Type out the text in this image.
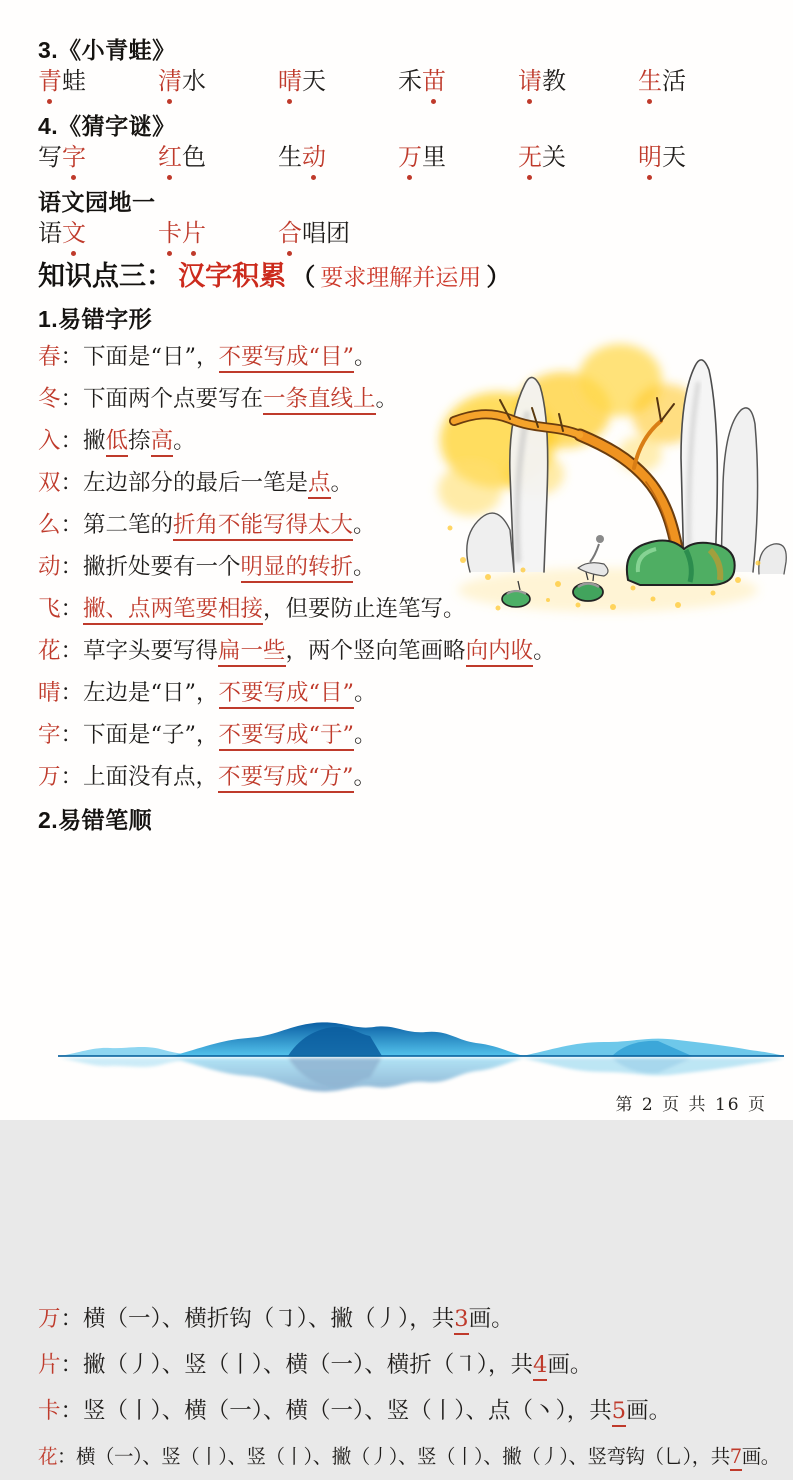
3.《小青蛙》
青蛙	清水	晴天	禾苗	请教	生活
4.《猜字谜》
写字	红色	生动	万里	无关	明天
语文园地一
语文	卡片	合唱团
知识点三： 汉字积累 （ 要求理解并运用 ）
1.易错字形
春：下面是“日”，不要写成“目”。
冬：下面两个点要写在一条直线上。
入：撇低捺高。
双：左边部分的最后一笔是点。
么：第二笔的折角不能写得太大。
动：撇折处要有一个明显的转折。
飞：撇、点两笔要相接，但要防止连笔写。
花：草字头要写得扁一些，两个竖向笔画略向内收。
晴：左边是“日”，不要写成“目”。
字：下面是“子”，不要写成“于”。
万：上面没有点，不要写成“方”。
2.易错笔顺
万：横（一）、横折钩（㇆）、撇（丿），共3画。
片：撇（丿）、竖（丨）、横（一）、横折（㇕），共4画。
卡：竖（丨）、横（一）、横（一）、竖（丨）、点（丶），共5画。
花：横（一）、竖（丨）、竖（丨）、撇（丿）、竖（丨）、撇（丿）、竖弯钩（乚），共7画。
第 2 页 共 16 页
